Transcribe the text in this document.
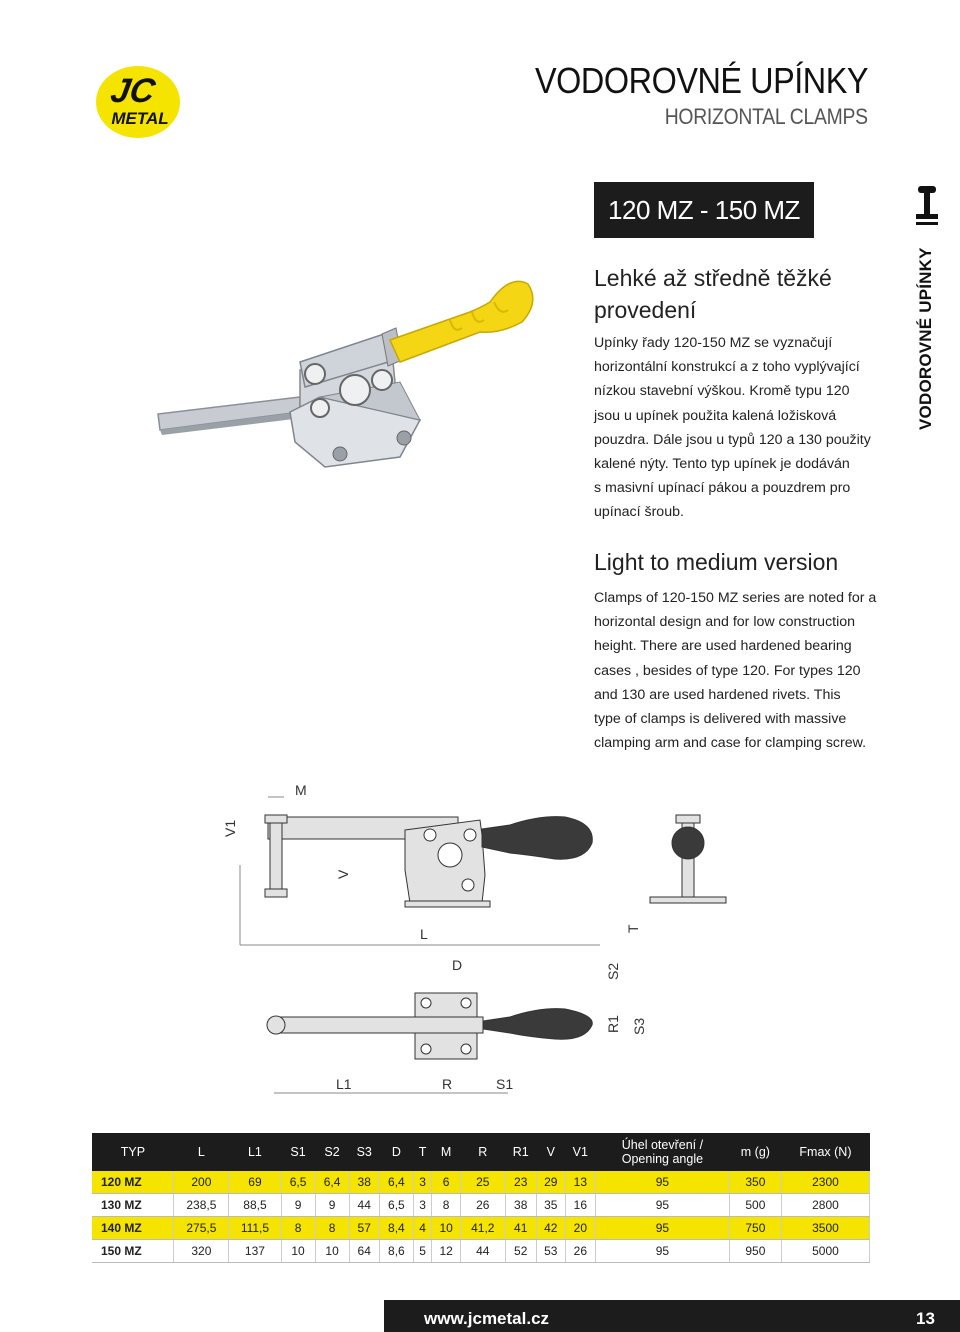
JC
METAL
VODOROVNÉ UPÍNKY
HORIZONTAL CLAMPS
120 MZ - 150 MZ
VODOROVNÉ UPÍNKY
Lehké až středně těžké
provedení
Upínky řady 120-150 MZ se vyznačují
horizontální konstrukcí a z toho vyplývající
nízkou stavební výškou. Kromě typu 120
jsou u upínek použita kalená ložisková
pouzdra. Dále jsou u typů 120 a 130 použity
kalené nýty. Tento typ upínek je dodáván
s masivní upínací pákou a pouzdrem pro
upínací šroub.
Light to medium version
Clamps of 120-150 MZ series are noted for a
horizontal design and for low construction
height. There are used hardened bearing
cases , besides of type 120. For types 120
and 130 are used hardened rivets. This
type of clamps is delivered with massive
clamping arm and case for clamping screw.
M
V1
V
L	T
D	S2
R1 S3
L1	R	S1
TYP	L	L1	S1	S2	S3	D	T	M	R	R1	V	V1	Úhel otevření /
Opening angle	m (g)	Fmax (N)
120 MZ	200	69	6,5	6,4	38	6,4	3	6	25	23	29	13	95	350	2300
130 MZ	238,5	88,5	9	9	44	6,5	3	8	26	38	35	16	95	500	2800
140 MZ	275,5	111,5	8	8	57	8,4	4	10	41,2	41	42	20	95	750	3500
150 MZ	320	137	10	10	64	8,6	5	12	44	52	53	26	95	950	5000
www.jcmetal.cz	13
